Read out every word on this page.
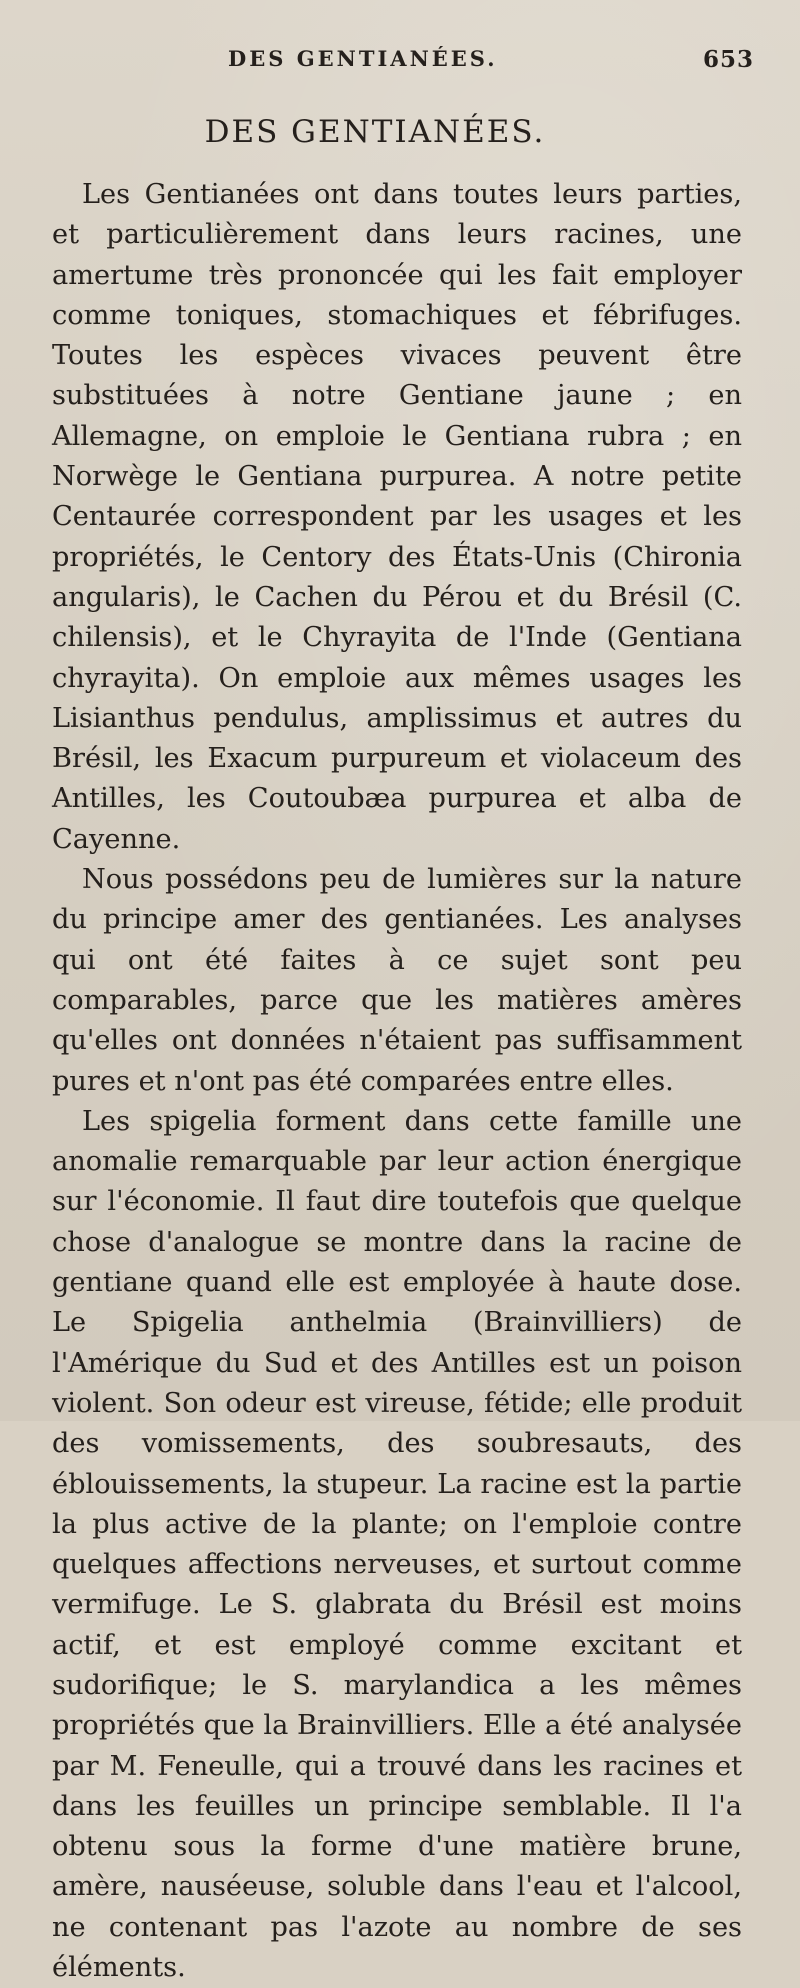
DES GENTIANÉES.	653
DES GENTIANÉES.

Les Gentianées ont dans toutes leurs parties, et particulièrement dans leurs racines, une amertume très prononcée qui les fait employer comme toniques, stomachiques et fébrifuges. Toutes les espèces vivaces peuvent être substituées à notre Gentiane jaune ; en Allemagne, on emploie le Gentiana rubra ; en Norwège le Gentiana purpurea. A notre petite Centaurée correspondent par les usages et les propriétés, le Centory des États-Unis (Chironia angularis), le Cachen du Pérou et du Brésil (C. chilensis), et le Chyrayita de l'Inde (Gentiana chyrayita). On emploie aux mêmes usages les Lisianthus pendulus, amplissimus et autres du Brésil, les Exacum purpureum et violaceum des Antilles, les Coutoubæa purpurea et alba de Cayenne.

Nous possédons peu de lumières sur la nature du principe amer des gentianées. Les analyses qui ont été faites à ce sujet sont peu comparables, parce que les matières amères qu'elles ont données n'étaient pas suffisamment pures et n'ont pas été comparées entre elles.

Les spigelia forment dans cette famille une anomalie remarquable par leur action énergique sur l'économie. Il faut dire toutefois que quelque chose d'analogue se montre dans la racine de gentiane quand elle est employée à haute dose. Le Spigelia anthelmia (Brainvilliers) de l'Amérique du Sud et des Antilles est un poison violent. Son odeur est vireuse, fétide; elle produit des vomissements, des soubresauts, des éblouissements, la stupeur. La racine est la partie la plus active de la plante; on l'emploie contre quelques affections nerveuses, et surtout comme vermifuge. Le S. glabrata du Brésil est moins actif, et est employé comme excitant et sudorifique; le S. marylandica a les mêmes propriétés que la Brainvilliers. Elle a été analysée par M. Feneulle, qui a trouvé dans les racines et dans les feuilles un principe semblable. Il l'a obtenu sous la forme d'une matière brune, amère, nauséeuse, soluble dans l'eau et l'alcool, ne contenant pas l'azote au nombre de ses éléments.
